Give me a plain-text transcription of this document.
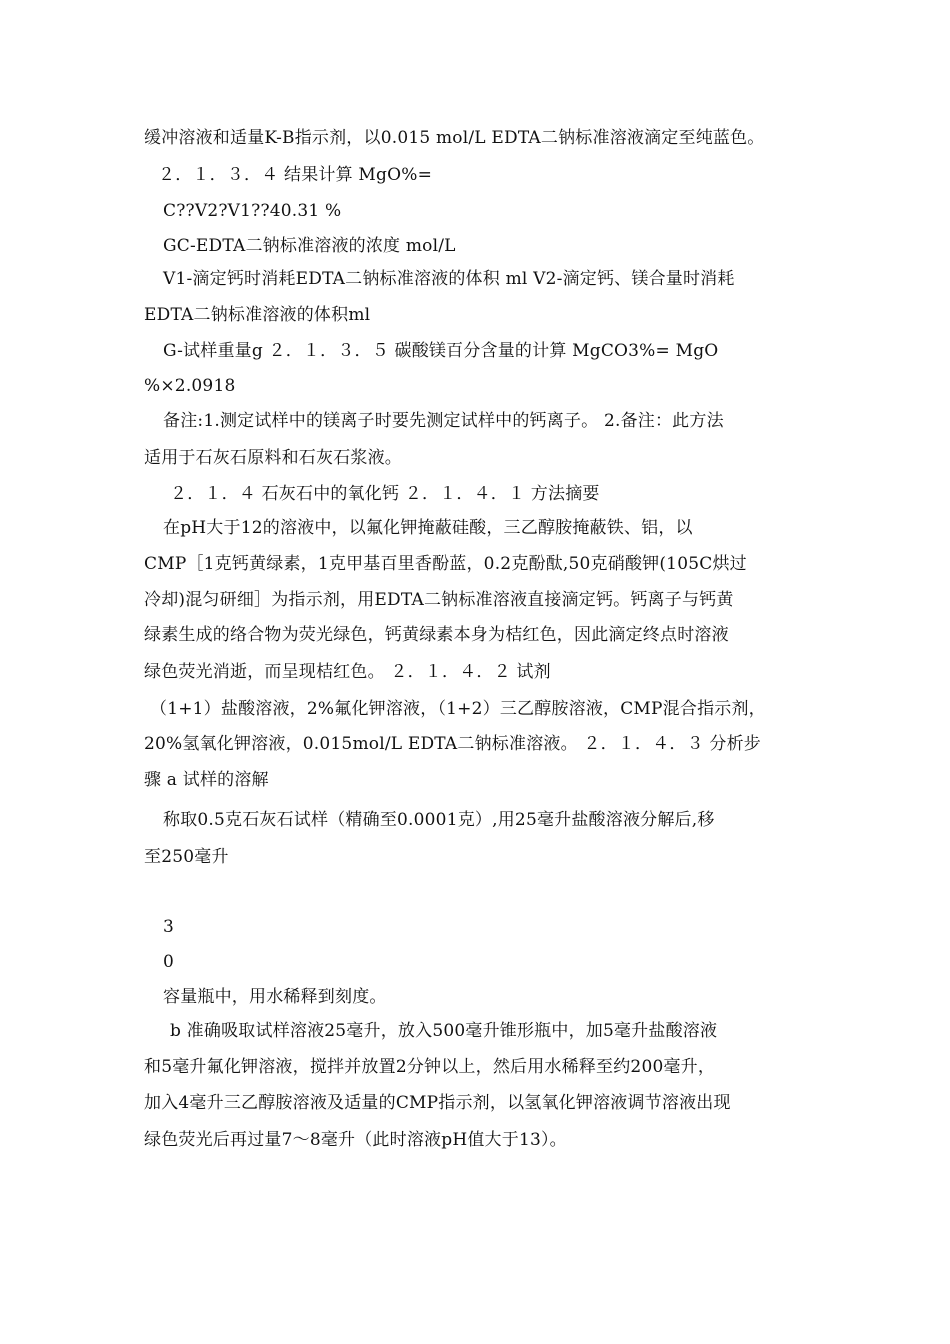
缓冲溶液和适量K-B指示剂，以0.015 mol/L EDTA二钠标准溶液滴定至纯蓝色。
２．１．３．４ 结果计算 MgO%=
C??V2?V1??40.31 %
GC-EDTA二钠标准溶液的浓度 mol/L
V1-滴定钙时消耗EDTA二钠标准溶液的体积 ml V2-滴定钙、镁合量时消耗
EDTA二钠标准溶液的体积ml
G-试样重量g ２．１．３．５ 碳酸镁百分含量的计算 MgCO3%= MgO
%×2.0918
备注:1.测定试样中的镁离子时要先测定试样中的钙离子。 2.备注：此方法
适用于石灰石原料和石灰石浆液。
２．１．４ 石灰石中的氧化钙 ２．１．４．１ 方法摘要
在pH大于12的溶液中，以氟化钾掩蔽硅酸，三乙醇胺掩蔽铁、铝，以
CMP［1克钙黄绿素，1克甲基百里香酚蓝，0.2克酚酞,50克硝酸钾(105C烘过
冷却)混匀研细］为指示剂，用EDTA二钠标准溶液直接滴定钙。钙离子与钙黄
绿素生成的络合物为荧光绿色，钙黄绿素本身为桔红色，因此滴定终点时溶液
绿色荧光消逝，而呈现桔红色。 ２．１．４．２ 试剂
（1+1）盐酸溶液，2%氟化钾溶液，（1+2）三乙醇胺溶液，CMP混合指示剂，
20%氢氧化钾溶液，0.015mol/L EDTA二钠标准溶液。 ２．１．４．３ 分析步
骤 a 试样的溶解
称取0.5克石灰石试样（精确至0.0001克）,用25毫升盐酸溶液分解后,移
至250毫升
3
0
容量瓶中，用水稀释到刻度。
b 准确吸取试样溶液25毫升，放入500毫升锥形瓶中，加5毫升盐酸溶液
和5毫升氟化钾溶液，搅拌并放置2分钟以上，然后用水稀释至约200毫升，
加入4毫升三乙醇胺溶液及适量的CMP指示剂，以氢氧化钾溶液调节溶液出现
绿色荧光后再过量7～8毫升（此时溶液pH值大于13）。
